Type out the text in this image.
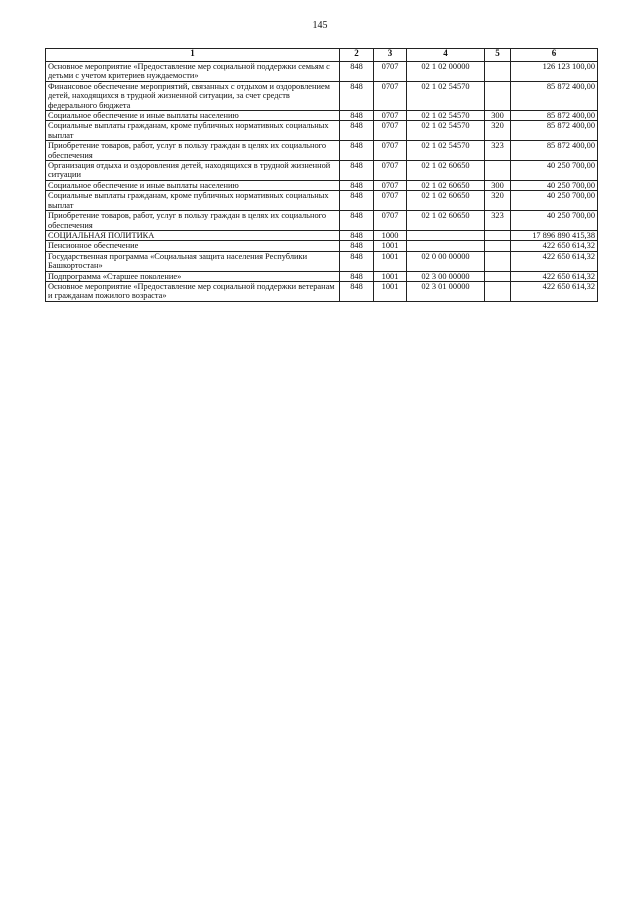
145
1	2	3	4	5	6
Основное мероприятие «Предоставление мер социальной поддержки семьям с детьми с учетом критериев нуждаемости»	848	0707	02 1 02 00000		126 123 100,00
Финансовое обеспечение мероприятий, связанных с отдыхом и оздоровлением детей, находящихся в трудной жизненной ситуации, за счет средств федерального бюджета	848	0707	02 1 02 54570		85 872 400,00
Социальное обеспечение и иные выплаты населению	848	0707	02 1 02 54570	300	85 872 400,00
Социальные выплаты гражданам, кроме публичных нормативных социальных выплат	848	0707	02 1 02 54570	320	85 872 400,00
Приобретение товаров, работ, услуг в пользу граждан в целях их социального обеспечения	848	0707	02 1 02 54570	323	85 872 400,00
Организация отдыха и оздоровления детей, находящихся в трудной жизненной ситуации	848	0707	02 1 02 60650		40 250 700,00
Социальное обеспечение и иные выплаты населению	848	0707	02 1 02 60650	300	40 250 700,00
Социальные выплаты гражданам, кроме публичных нормативных социальных выплат	848	0707	02 1 02 60650	320	40 250 700,00
Приобретение товаров, работ, услуг в пользу граждан в целях их социального обеспечения	848	0707	02 1 02 60650	323	40 250 700,00
СОЦИАЛЬНАЯ ПОЛИТИКА	848	1000			17 896 890 415,38
Пенсионное обеспечение	848	1001			422 650 614,32
Государственная программа «Социальная защита населения Республики Башкортостан»	848	1001	02 0 00 00000		422 650 614,32
Подпрограмма «Старшее поколение»	848	1001	02 3 00 00000		422 650 614,32
Основное мероприятие «Предоставление мер социальной поддержки ветеранам и гражданам пожилого возраста»	848	1001	02 3 01 00000		422 650 614,32
